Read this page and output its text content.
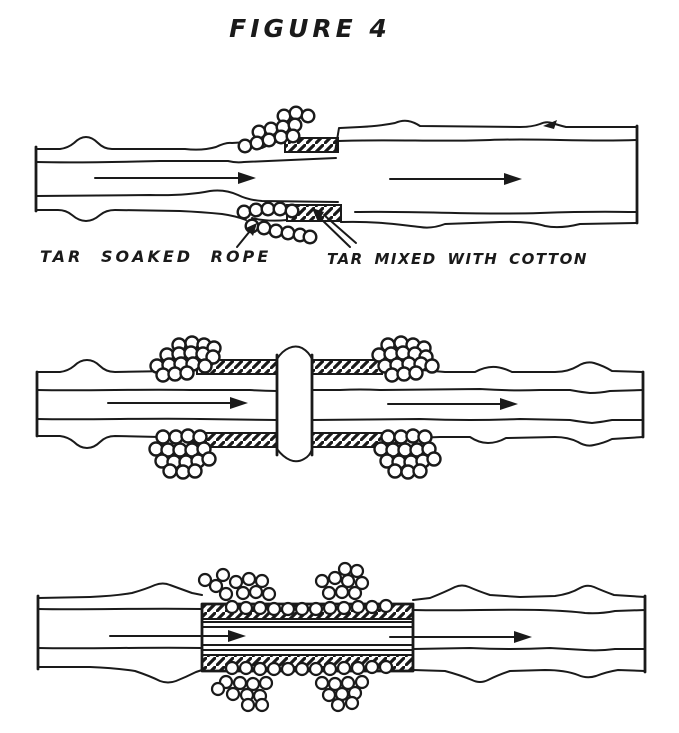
FIGURE 4
TAR SOAKED ROPE	TAR MIXED WITH COTTON
